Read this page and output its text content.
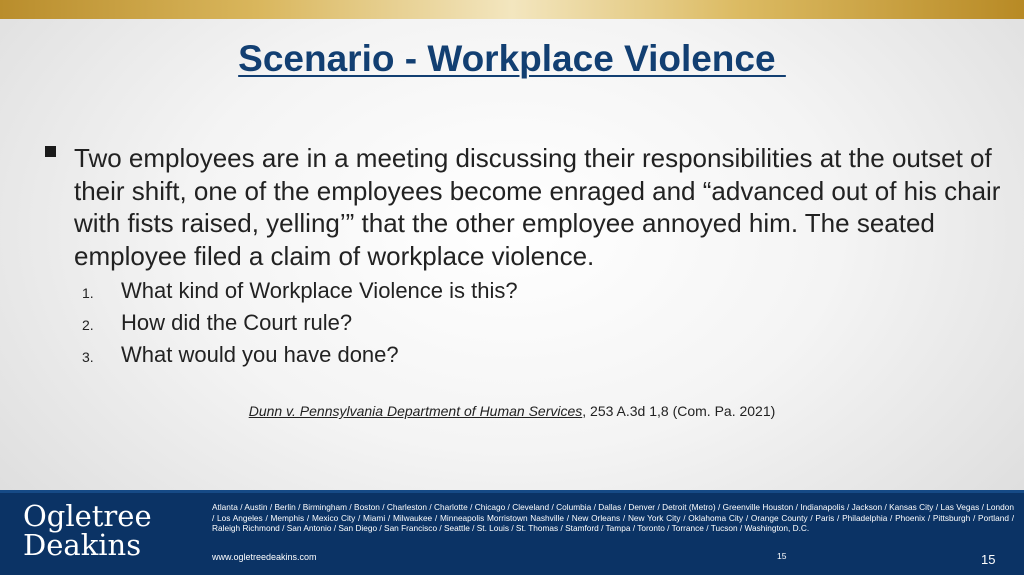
Scenario - Workplace Violence
Two employees are in a meeting discussing their responsibilities at the outset of their shift, one of the employees become enraged and “advanced out of his chair with fists raised, yelling’” that the other employee annoyed him. The seated employee filed a claim of workplace violence.
1. What kind of Workplace Violence is this?
2. How did the Court rule?
3. What would you have done?
Dunn v. Pennsylvania Department of Human Services, 253 A.3d 1,8 (Com. Pa. 2021)
Ogletree
Deakins
Atlanta / Austin / Berlin / Birmingham / Boston / Charleston / Charlotte / Chicago / Cleveland / Columbia / Dallas / Denver / Detroit (Metro) / Greenville Houston / Indianapolis / Jackson / Kansas City / Las Vegas / London / Los Angeles / Memphis / Mexico City / Miami / Milwaukee / Minneapolis Morristown Nashville / New Orleans / New York City / Oklahoma City / Orange County / Paris / Philadelphia / Phoenix / Pittsburgh / Portland / Raleigh Richmond / San Antonio / San Diego / San Francisco / Seattle / St. Louis / St. Thomas / Stamford / Tampa / Toronto / Torrance / Tucson / Washington, D.C.
www.ogletreedeakins.com	15	15
